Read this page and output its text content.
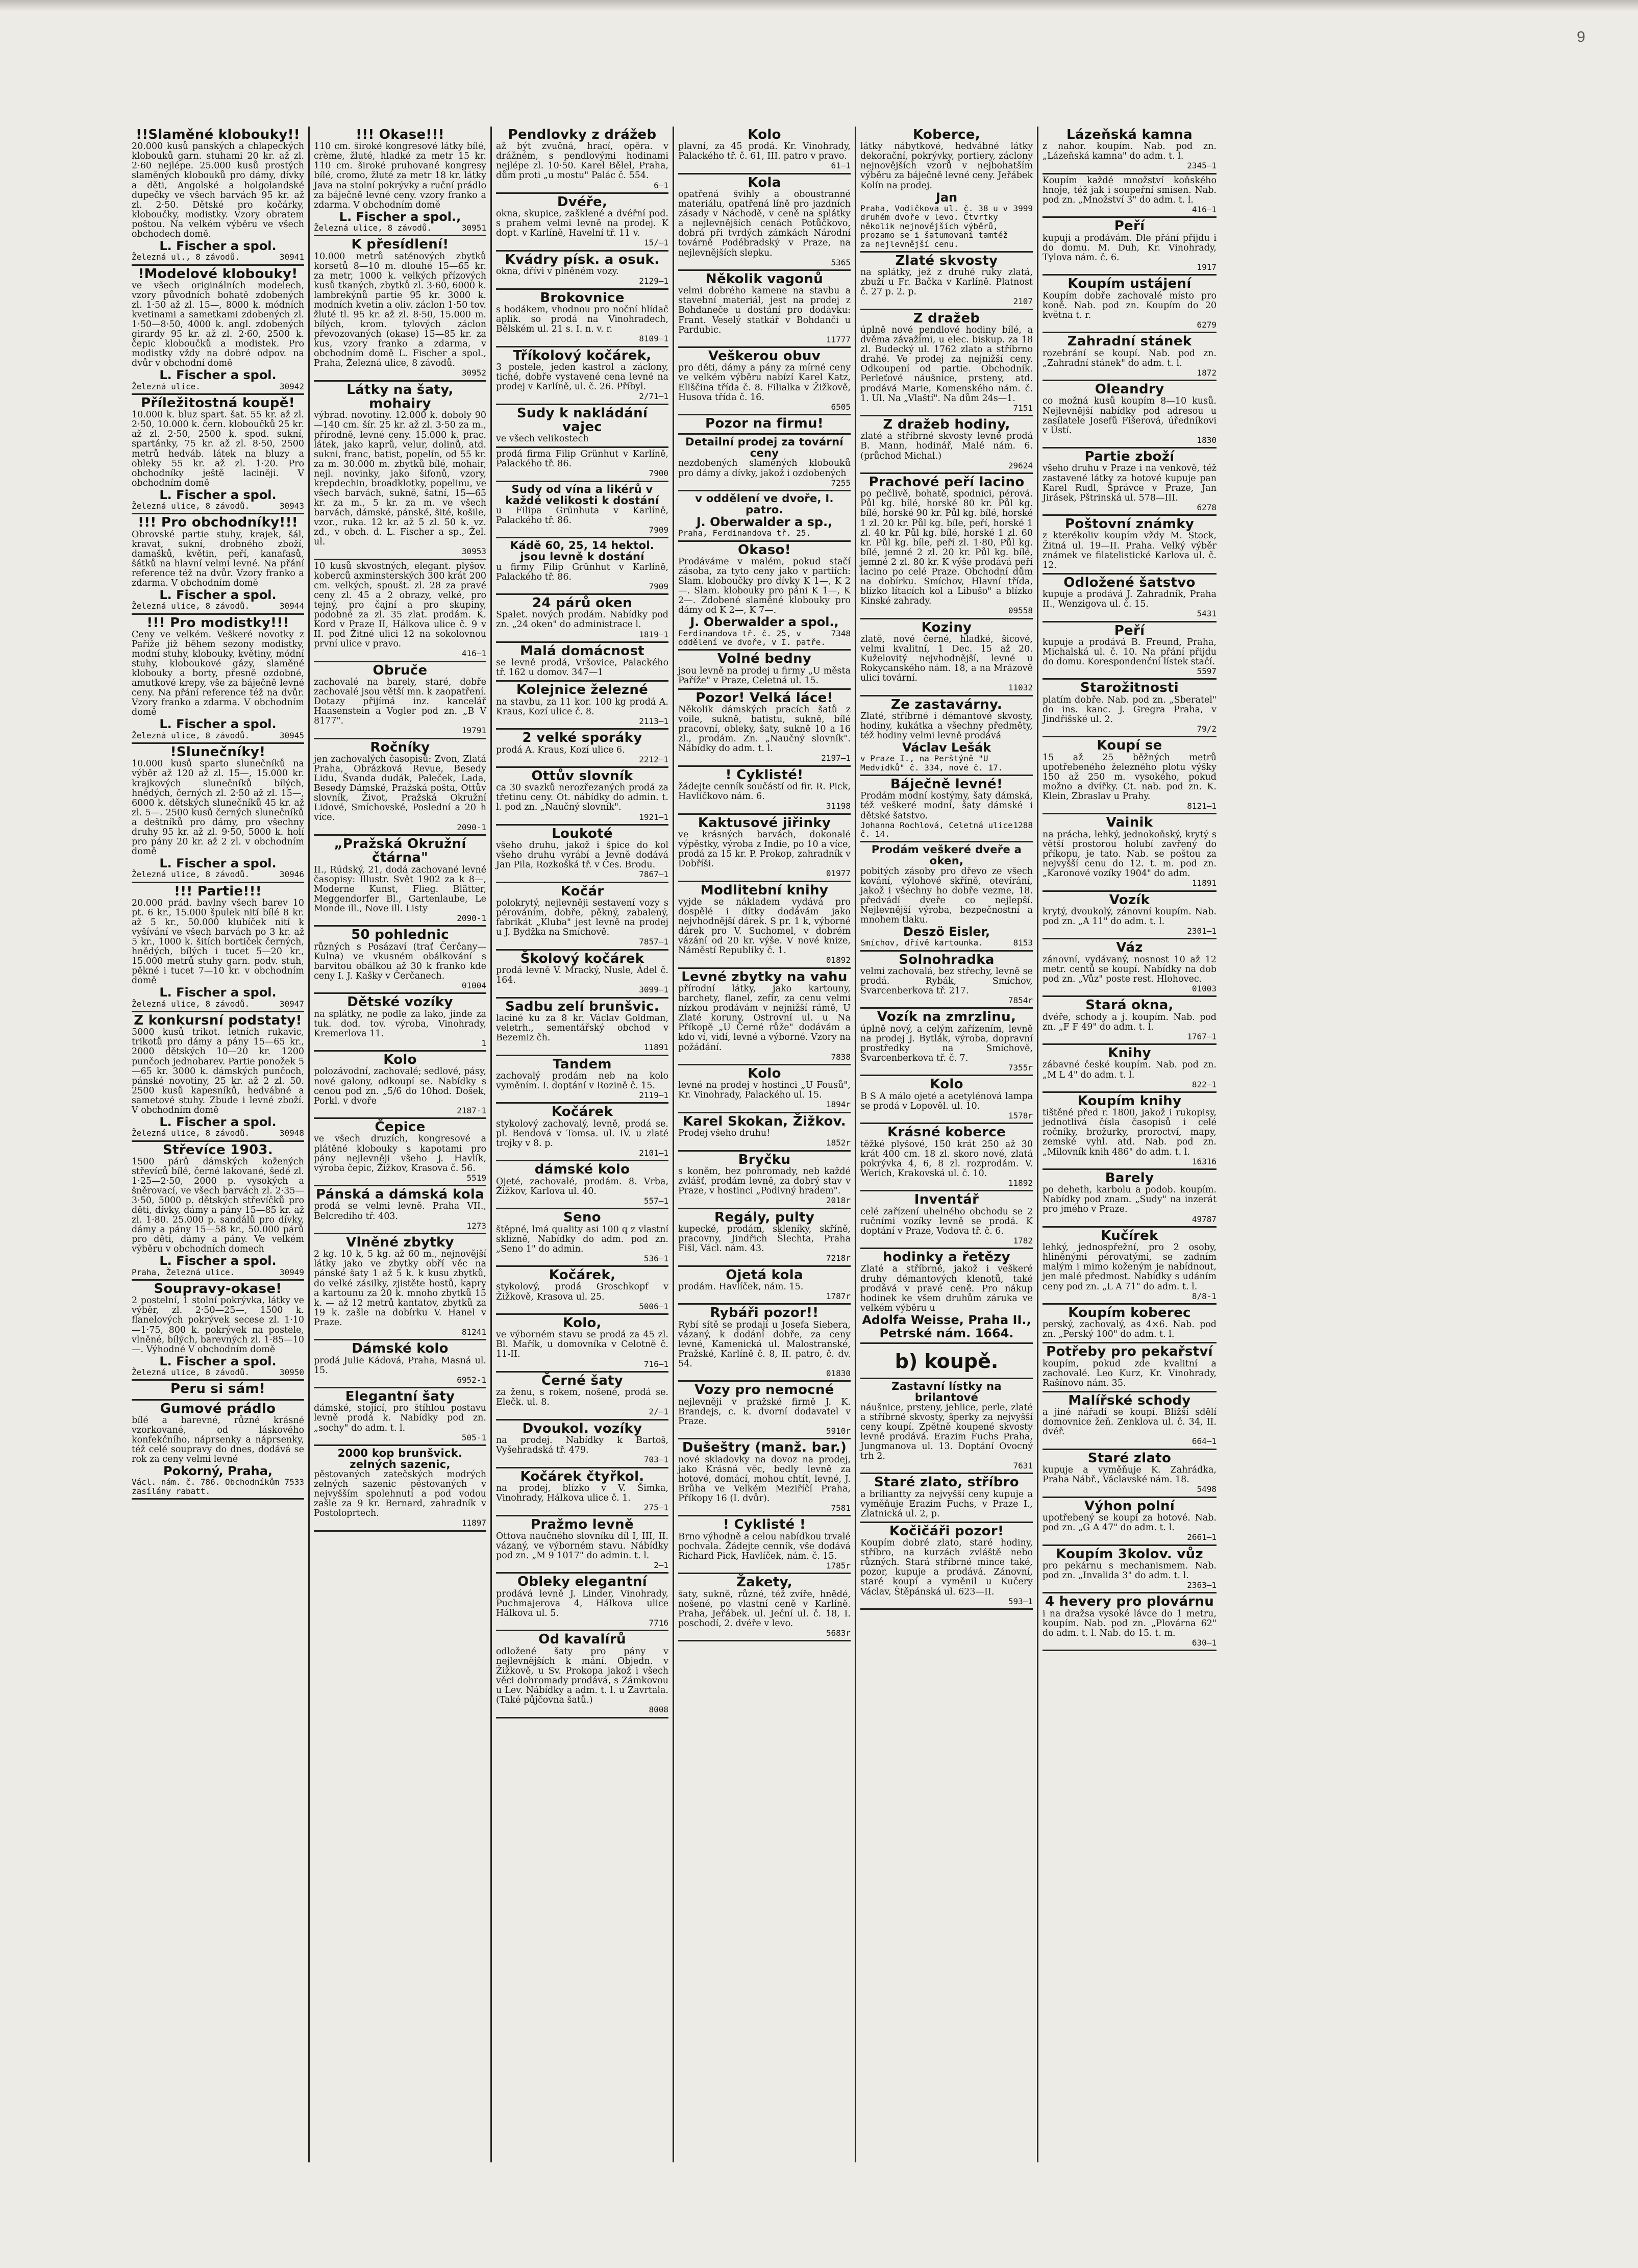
9
!!Slaměné klobouky!!
20.000 kusů panských a chlapeckých klobouků garn. stuhami 20 kr. až zl. 2·60 nejlépe. 25.000 kusů prostých slaměných klobouků pro dámy, dívky a děti, Angolské a holgolandské dupečky ve všech barvách 95 kr. až zl. 2·50. Dětské pro kočárky, kloboučky, modistky. Vzory obratem poštou. Na velkém výběru ve všech obchodech domě.
L. Fischer a spol.
Železná ul., 8 závodů.	30941
!Modelové klobouky!
ve všech originálních modelech, vzory původních bohatě zdobených zl. 1·50 až zl. 15—, 8000 k. módních kvetinami a sametkami zdobených zl. 1·50—8·50, 4000 k. angl. zdobených girardy 95 kr. až zl. 2·60, 2500 k. čepic kloboučků a modistek. Pro modistky vždy na dobré odpov. na dvůr v obchodní domě
L. Fischer a spol.
Železná ulice.	30942
Příležitostná koupě!
10.000 k. bluz spart. šat. 55 kr. až zl. 2·50, 10.000 k. čern. kloboučků 25 kr. až zl. 2·50, 2500 k. spod. sukní, spartánky, 75 kr. až zl. 8·50, 2500 metrů hedváb. látek na bluzy a obleky 55 kr. až zl. 1·20. Pro obchodníky ještě laciněji. V obchodním domě
L. Fischer a spol.
Železná ulice, 8 závodů.	30943
!!! Pro obchodníky!!!
Obrovské partie stuhy, krajek, šál, kravat, sukní, drobného zboží, damašků, květin, peří, kanafasů, šátků na hlavní velmi levné. Na přání reference též na dvůr. Vzory franko a zdarma. V obchodním domě
L. Fischer a spol.
Železná ulice, 8 závodů.	30944
!!! Pro modistky!!!
Ceny ve velkém. Veškeré novotky z Paříže již během sezony modistky, modní stuhy, klobouky, květiny, módní stuhy, kloboukové gázy, slaměné klobouky a borty, přesně ozdobné, amutkové krepy, vše za báječně levné ceny. Na přání reference též na dvůr. Vzory franko a zdarma. V obchodním domě
L. Fischer a spol.
Železná ulice, 8 závodů.	30945
!Slunečníky!
10.000 kusů sparto slunečníků na výběr až 120 až zl. 15—, 15.000 kr. krajkových slunečníků bílých, hnědých, černých zl. 2·50 až zl. 15—, 6000 k. dětských slunečníků 45 kr. až zl. 5—. 2500 kusů černých slunečníků a deštníků pro dámy, pro všechny druhy 95 kr. až zl. 9·50, 5000 k. holí pro pány 20 kr. až 2 zl. v obchodním domě
L. Fischer a spol.
Železná ulice, 8 závodů.	30946
!!! Partie!!!
20.000 prád. bavlny všech barev 10 pt. 6 kr., 15.000 špulek nití bílé 8 kr. až 5 kr., 50.000 klubíček nití k vyšívání ve všech barvách po 3 kr. až 5 kr., 1000 k. šitích bortiček černých, hnědých, bílých i tucet 5—20 kr., 15.000 metrů stuhy garn. podv. stuh, pěkné i tucet 7—10 kr. v obchodním domě
L. Fischer a spol.
Železná ulice, 8 závodů.	30947
Z konkursní podstaty!
5000 kusů trikot. letních rukavic, trikotů pro dámy a pány 15—65 kr., 2000 dětských 10—20 kr. 1200 punčoch jednobarev. Partie ponožek 5—65 kr. 3000 k. dámských punčoch, pánské novotiny, 25 kr. až 2 zl. 50. 2500 kusů kapesníků, hedvábné a sametové stuhy. Zbude i levné zboží. V obchodním domě
L. Fischer a spol.
Železná ulice, 8 závodů.	30948
Střevíce 1903.
1500 párů dámských kožených střevíců bílé, černé lakované, šedé zl. 1·25—2·50, 2000 p. vysokých a šněrovací, ve všech barvách zl. 2·35—3·50, 5000 p. dětských střevíčků pro děti, dívky, dámy a pány 15—85 kr. až zl. 1·80. 25.000 p. sandálů pro dívky, dámy a pány 15—58 kr., 50.000 párů pro děti, dámy a pány. Ve velkém výběru v obchodních domech
L. Fischer a spol.
Praha, Železná ulice.	30949
Soupravy-okase!
2 postelní, 1 stolní pokrývka, látky ve výběr, zl. 2·50—25—, 1500 k. flanelových pokrývek secese zl. 1·10—1·75, 800 k. pokrývek na postele, vlněné, bílých, barevných zl. 1·85—10—. Výhodné V obchodním domě
L. Fischer a spol.
Železná ulice, 8 závodů.	30950
Peru si sám!
Gumové prádlo
bílé a barevné, různé krásné vzorkované, od láskového konfekčního, náprsenky a náprsenky, též celé soupravy do dnes, dodává se rok za ceny velmi levné
Pokorný, Praha,
Václ. nám. č. 786. Obchodníkům zasílány rabatt.
7533
!!! Okase!!!
110 cm. široké kongresové látky bílé, crème, žluté, hladké za metr 15 kr. 110 cm. široké pruhované kongresy bílé, cromo, žluté za metr 18 kr. látky Java na stolní pokrývky a ruční prádlo za báječně levné ceny. vzory franko a zdarma. V obchodním domě
L. Fischer a spol.,
Železná ulice, 8 závodů.	30951
K přesídlení!
10.000 metrů saténových zbytků korsetů 8—10 m. dlouhé 15—65 kr. za metr, 1000 k. velkých přízových kusů tkaných, zbytků zl. 3·60, 6000 k. lambrekýnů partie 95 kr. 3000 k. modních kvetin a oliv. záclon 1·50 tov. žluté tl. 95 kr. až zl. 8·50, 15.000 m. bílých, krom. tylových záclon převozovaných (okase) 15—85 kr. za kus, vzory franko a zdarma, v obchodním domě L. Fischer a spol., Praha, Železná ulice, 8 závodů.
30952
Látky na šaty, mohairy
výbrad. novotiny. 12.000 k. doboly 90—140 cm. šír. 25 kr. až zl. 3·50 za m., přírodně, levné ceny. 15.000 k. prac. látek, jako kaprů, velur, dolinů, atd. sukni, franc, batist, popelín, od 55 kr. za m. 30.000 m. zbytků bílé, mohair, nejl. novinky, jako šifonů, vzory, krepdechin, broadklotky, popelinu, ve všech barvách, sukně, šatní, 15—65 kr. za m., 5 kr. za m. ve všech barvách, dámské, pánské, šité, košile, vzor., ruka. 12 kr. až 5 zl. 50 k. vz. zd., v obch. d. L. Fischer a sp., Žel. ul.
30953
10 kusů skvostných, elegant. plyšov. koberců axminsterských 300 krát 200 cm. velkých, spoušt. zl. 28 za pravé ceny zl. 45 a 2 obrazy, velké, pro tejný, pro čajní a pro skupiny, podobné za zl. 35 zlat. prodám. K. Kord v Praze II, Hálkova ulice č. 9 v II. pod Žitné ulici 12 na sokolovnou první ulice v pravo.
416—1
Obruče
zachovalé na barely, staré, dobře zachovalé jsou větší mn. k zaopatření. Dotazy přijímá inz. kancelář Haasenstein a Vogler pod zn. „B V 8177".
19791
Ročníky
jen zachovalých časopisů: Zvon, Zlatá Praha, Obrázková Revue, Besedy Lidu, Švanda dudák, Paleček, Lada, Besedy Dámské, Pražská pošta, Ottův slovník, Život, Pražská Okružní Lidové, Smíchovské, Poslední a 20 h více.
2090-1
„Pražská Okružní čtárna"
II., Rúdský, 21, dodá zachované levné časopisy: Illustr. Svět 1902 za k 8—, Moderne Kunst, Flieg. Blätter, Meggendorfer Bl., Gartenlaube, Le Monde ill., Nove ill. Listy
2090-1
50 pohlednic
různých s Posázaví (trať Čerčany—Kulna) ve vkusném obálkování s barvitou obálkou až 30 k franko kde ceny I. J. Kašky v Čerčanech.
01004
Dětské vozíky
na splátky, ne podle za lako, jinde za tuk. dod. tov. výroba, Vinohrady, Kremerlova 11.
1
Kolo
polozávodní, zachovalé; sedlové, pásy, nové galony, odkoupí se. Nabídky s cenou pod zn. „5/6 do 10hod. Došek, Porkl. v dvoře
2187-1
Čepice
ve všech druzích, kongresové a plátěné klobouky s kapotami pro pány nejlevněji všeho J. Havlík, výroba čepic, Žižkov, Krasova č. 56.
5519
Pánská a dámská kola
prodá se velmi levně. Praha VII., Belcrediho tř. 403.
1273
Vlněné zbytky
2 kg. 10 k, 5 kg. až 60 m., nejnovější látky jako ve zbytky obří věc na pánské šaty 1 až 5 k. k kusu zbytků, do velké zásilky, zjistěte hostů, kapry a kartounu za 20 k. mnoho zbytků 15 k. — až 12 metrů kantatov, zbytků za 19 k. zašle na dobírku V. Hanel v Praze.
81241
Dámské kolo
prodá Julie Kádová, Praha, Masná ul. 15.
6952-1
Elegantní šaty
dámské, stojící, pro štíhlou postavu levně prodá k. Nabídky pod zn. „sochy" do adm. t. l.
505-1
2000 kop brunšvick. zelných sazenic,
pěstovaných zatečských modrých zelných sazenic pěstovaných v nejvyšším spolehnutí a pod vodou zašle za 9 kr. Bernard, zahradník v Postoloprtech.
11897
Pendlovky z drážeb
až být zvučná, hrací, opěra. v drážném, s pendlovými hodinami nejlépe zl. 10·50. Karel Bělel, Praha, dům proti „u mostu" Palác č. 554.
6—1
Dvéře,
okna, skupice, zašklené a dvéřní pod. s prahem velmi levně na prodej. K dopt. v Karlíně, Havelní tř. 11 v.
15/—1
Kvádry písk. a osuk.
okna, dřívi v plněném vozy.
2129—1
Brokovnice
s bodákem, vhodnou pro noční hlídač aplik. so prodá na Vinohradech, Bělském ul. 21 s. I. n. v. r.
8109—1
Tříkolový kočárek,
3 postele, jeden kastrol a záclony, tiché, dobře vystavené cena levné na prodej v Karlíně, ul. č. 26. Příbyl.
2/71—1
Sudy k nakládání vajec
ve všech velikostech
prodá firma Filip Grünhut v Karlíně, Palackého tř. 86.
7900
Sudy od vína a likérů v každé velikosti k dostání
u Filipa Grünhuta v Karlíně, Palackého tř. 86.
7909
Kádě 60, 25, 14 hektol. jsou levně k dostání
u firmy Filip Grünhut v Karlíně, Palackého tř. 86.
7909
24 párů oken
Spalet. nových prodám. Nabídky pod zn. „24 oken" do administrace l.
1819—1
Malá domácnost
se levně prodá, Vršovice, Palackého tř. 162 u domov. 347—1
Kolejnice železné
na stavbu, za 11 kor. 100 kg prodá A. Kraus, Kozí ulice č. 8.
2113—1
2 velké sporáky
prodá A. Kraus, Kozí ulice 6.
2212—1
Ottův slovník
ca 30 svazků nerozřezaných prodá za třetinu ceny. Ot. nábídky do admin. t. l. pod zn. „Naučný slovník".
1921—1
Loukoté
všeho druhu, jakož i špice do kol všeho druhu vyrábí a levně dodává Jan Pila, Rozkošká tř. v Čes. Brodu.
7867—1
Kočár
polokrytý, nejlevněji sestavení vozy s pérováním, dobře, pěkný, zabalený, fabrikát „Kluba" jest levně na prodej u J. Bydžka na Smíchově.
7857—1
Školový kočárek
prodá levně V. Mracký, Nusle, Ádel č. 164.
3099—1
Sadbu zelí brunšvic.
laciné ku za 8 kr. Václav Goldman, veletrh., sementářský obchod v Bezemiz čh.
11891
Tandem
zachovalý prodám neb na kolo vyměním. I. doptání v Rozině č. 15.
2119—1
Kočárek
stykolový zachovalý, levně, prodá se. pl. Bendová v Tomsa. ul. IV. u zlaté trojky v 8. p.
2101—1
dámské kolo
Ojeté, zachovalé, prodám. 8. Vrba, Žižkov, Karlova ul. 40.
557—1
Seno
štěpné, lmá quality asi 100 q z vlastní sklizně, Nabídky do adm. pod zn. „Seno 1" do admin.
536—1
Kočárek,
stykolový, prodá Groschkopf v Žižkově, Krasova ul. 25.
5006—1
Kolo,
ve výborném stavu se prodá za 45 zl. Bl. Mařík, u domovníka v Celotně č. 11-II.
716—1
Černé šaty
za ženu, s rokem, nošené, prodá se. Elečk. ul. 8.
2/—1
Dvoukol. vozíky
na prodej. Nabídky k Bartoš, Vyšehradská tř. 479.
703—1
Kočárek čtyřkol.
na prodej, blízko v V. Šimka, Vinohrady, Hálkova ulice č. 1.
275—1
Pražmo levně
Ottova naučného slovníku díl I, III, II. vázaný, ve výborném stavu. Nábídky pod zn. „M 9 1017" do admin. t. l.
2—1
Obleky elegantní
prodává levně J. Linder, Vinohrady, Puchmajerova 4, Hálkova ulice Hálkova ul. 5.
7716
Od kavalírů
odložené šaty pro pány v nejlevnějších k mání. Objedn. v Žižkově, u Sv. Prokopa jakož i všech věci dohromady prodává, s Zámkovou u Lev. Nábídky a adm. t. l. u Zavrtala. (Také půjčovna šatů.)
8008
Kolo
plavní, za 45 prodá. Kr. Vinohrady, Palackého tř. č. 61, III. patro v pravo.
61—1
Kola
opatřená švihly a oboustranné materiálu, opatřená líně pro jazdních zásady v Náchodě, v ceně na splátky a nejlevnějších cenách Potůčkovo, dobrá při tvrdých zámkách Národní továrně Podébradský v Praze, na nejlevnějších slepku.
5365
Několik vagonů
velmi dobrého kamene na stavbu a stavební materiál, jest na prodej z Bohdaneče u dostání pro dodávku: Frant. Veselý statkář v Bohdanči u Pardubic.
11777
Veškerou obuv
pro děti, dámy a pány za mírné ceny ve velkém výběru nabízí Karel Katz, Eliščina třída č. 8. Filialka v Žižkově, Husova třída č. 16.
6505
Pozor na firmu!
Detailní prodej za tovární ceny
nezdobených slaměných klobouků pro dámy a dívky, jakož i ozdobených
7255
v oddělení ve dvoře, I. patro.
J. Oberwalder a sp.,
Praha, Ferdinandova tř. 25.
Okaso!
Prodáváme v malém, pokud stačí zásoba, za tyto ceny jako v partiích: Slam. kloboučky pro dívky K 1—, K 2—. Slam. klobouky pro páni K 1—, K 2—. Zdobené slaměné klobouky pro dámy od K 2—, K 7—.
J. Oberwalder a spol.,
Ferdinandova tř. č. 25, v oddělení ve dvoře, v I. patře.
7348
Volné bedny
jsou levně na prodej u firmy „U města Paříže" v Praze, Celetná ul. 15.
Pozor! Velká láce!
Několik dámských pracích šatů z voile, sukně, batistu, sukně, bílé pracovní, obleky, šaty, sukně 10 a 16 zl., prodám. Zn. „Naučný slovník". Nábídky do adm. t. l.
2197—1
! Cyklisté!
žádejte cenník součástí od fir. R. Pick, Havlíčkovo nám. 6.
31198
Kaktusové jiřinky
ve krásných barvách, dokonalé výpěstky, výroba z Indie, po 10 a více, prodá za 15 kr. P. Prokop, zahradník v Dobříši.
01977
Modlitební knihy
vyjde se nákladem vydává pro dospělé i dítky dodávám jako nejvhodnější dárek. S pr. 1 k, výborné dárek pro V. Suchomel, v dobrém vázání od 20 kr. výše. V nové knize, Náměstí Republiky č. 1.
01892
Levné zbytky na vahu
přírodní látky, jako kartouny, barchety, flanel, zefír, za cenu velmi nízkou prodávám v nejnižší rámě, U Zlaté koruny, Ostrovní ul. u Na Příkopě „U Černé růže" dodávám a kdo ví, vidí, levné a výborné. Vzory na požádání.
7838
Kolo
levné na prodej v hostinci „U Fousů", Kr. Vinohrady, Palackého ul. 15.
1894r
Karel Skokan, Žižkov.
Prodej všeho druhu!
1852r
Bryčku
s koněm, bez pohromady, neb každé zvlášť, prodám levně, za dobrý stav v Praze, v hostinci „Podivný hradem".
2018r
Regály, pulty
kupecké, prodám, skleníky, skříně, pracovny, Jindřich Šlechta, Praha Fišl, Václ. nám. 43.
7218r
Ojetá kola
prodám. Havlíček, nám. 15.
1787r
Rybáři pozor!!
Rybí sítě se prodají u Josefa Siebera, vázaný, k dodání dobře, za ceny levné, Kamenická ul. Malostranské, Pražské, Karlíně č. 8, II. patro, č. dv. 54.
01830
Vozy pro nemocné
nejlevněji v pražské firmě J. K. Brandejs, c. k. dvorní dodavatel v Praze.
5910r
Dušeštry (manž. bar.)
nové skladovky na dovoz na prodej, jako Krásná věc, bedly levně za hotové, domácí, mohou chtít, levné, J. Brůha ve Velkém Meziříčí Praha, Příkopy 16 (I. dvůr).
7581
! Cyklisté !
Brno výhodně a celou nabídkou trvalé pochvala. Žádejte cenník, vše dodává Richard Pick, Havlíček, nám. č. 15.
1785r
Žakety,
šaty, sukně, různé, též zvíře, hnědé, nošené, po vlastní ceně v Karlíně. Praha, Jeřábek. ul. Ječní ul. č. 18, I. poschodí, 2. dvéře v levo.
5683r
Koberce,
látky nábytkové, hedvábné látky dekorační, pokrývky, portiery, záclony nejnovějších vzorů v nejbohatším výběru za báječně levné ceny. Jeřábek Kolín na prodej.
Jan
Praha, Vodičkova ul. č. 38 u v druhém dvoře v levo. Čtvrtky několik nejnovějších výběrů, prozamo se i šatumovaní tamtéž za nejlevnější cenu.
3999
Zlaté skvosty
na splátky, jež z druhé ruky zlatá, zbuží u Fr. Bačka v Karlíně. Platnost č. 27 p. 2. p.
2107
Z dražeb
úplně nové pendlové hodiny bílé, a dvěma závažími, u elec. biskup. za 18 zl. Budecký ul. 1762 zlato a stříbrno drahé. Ve prodej za nejnižší ceny. Odkoupení od partie. Obchodník. Perleťové náušnice, prsteny, atd. prodává Marie, Komenského nám. č. 1. Ul. Na „Vlaští". Na dům 24s—1.
7151
Z dražeb hodiny,
zlaté a stříbrné skvosty levně prodá B. Mann, hodinář, Malé nám. 6. (průchod Michal.)
29624
Prachové peří lacino
po pečlivě, bohatě, spodnici, pérová. Půl kg. bílé, horské 80 kr. Půl kg. bílé, horské 90 kr. Půl kg. bílé, horské 1 zl. 20 kr. Půl kg. bíle, peří, horské 1 zl. 40 kr. Půl kg. bílé, horské 1 zl. 60 kr. Půl kg. bíle, peří zl. 1·80, Půl kg. bílé, jemné 2 zl. 20 kr. Půl kg. bílé, jemné 2 zl. 80 kr. K výše prodává peří lacino po celé Praze. Obchodní dům na dobírku. Smíchov, Hlavní třída, blízko lítacích kol a Libušo" a blízko Kinské zahrady.
09558
Koziny
zlatě, nové černé, hladké, šicové, velmi kvalitní, 1 Dec. 15 až 20. Kuželovitý nejvhodnější, levné u Rokycanského nám. 18, a na Mrázově ulici tovární.
11032
Ze zastavárny.
Zlaté, stříbrné i démantové skvosty, hodiny, kukátka a všechny předměty, též hodiny velmi levně prodává
Václav Lešák
v Praze I., na Perštýně "U Medvídků" č. 334, nové č. 17.
Báječně levné!
Prodám modní kostýmy, šaty dámská, též veškeré modní, šaty dámské i dětské šatstvo.
Johanna Rochlová, Celetná ulice č. 14.
1288
Prodám veškeré dveře a oken,
pobitých zásoby pro dřevo ze všech kování, výlohové skříně, otevírání, jakož i všechny ho dobře vezme, 18. předvádí dveře co nejlepší. Nejlevnější výroba, bezpečnostní a mnohem tlaku.
Deszö Eisler,
Smíchov, dřívě kartounka.	8153
Solnohradka
velmi zachovalá, bez střechy, levně se prodá. Rybák, Smíchov, Švarcenberkova tř. 217.
7854r
Vozík na zmrzlinu,
úplně nový, a celým zařízením, levně na prodej J. Bytlák, výroba, dopravní prostředky na Smíchově, Švarcenberkova tř. č. 7.
7355r
Kolo
B S A málo ojeté a acetylénová lampa se prodá v Lopověl. ul. 10.
1578r
Krásné koberce
těžké plyšové, 150 krát 250 až 30 krát 400 cm. 18 zl. skoro nové, zlatá pokrývka 4, 6, 8 zl. rozprodám. V. Werich, Krakovská ul. č. 10.
11892
Inventář
celé zařízení uhelného obchodu se 2 ručními vozíky levně se prodá. K doptání v Praze, Vodova tř. č. 6.
1782
hodinky a řetězy
Zlaté a stříbrné, jakož i veškeré druhy démantových klenotů, také prodává v pravé ceně. Pro nákup hodinek ke všem druhům záruka ve velkém výběru u
Adolfa Weisse, Praha II., Petrské nám. 1664.
b) koupě.
Zastavní lístky na brilantové
náušnice, prsteny, jehlice, perle, zlaté a stříbrné skvosty, šperky za nejvyšší ceny koupí. Zpětně koupené skvosty levně prodává. Erazim Fuchs Praha, Jungmanova ul. 13. Doptání Ovocný trh 2.
7631
Staré zlato, stříbro
a briliantty za nejvyšší ceny kupuje a vyměňuje Erazim Fuchs, v Praze I., Zlatnická ul. 2, p.
Kočičáři pozor!
Koupím dobré zlato, staré hodiny, stříbro, na kurzách zvláště nebo různých. Stará stříbrné mince také, pozor, kupuje a prodává. Zánovní, staré koupí a vyměnil u Kučery Václav, Štěpánská ul. 623—II.
593—1
Lázeňská kamna
z nahor. koupím. Nab. pod zn. „Lázeňská kamna" do adm. t. l.
2345—1
Koupím každé množství koňského hnoje, též jak i soupeřní smisen. Nab. pod zn. „Množství 3" do adm. t. l.
416—1
Peří
kupuji a prodávám. Dle přání přijdu i do domu. M. Duh, Kr. Vinohrady, Tylova nám. č. 6.
1917
Koupím ustájení
Koupím dobře zachovalé místo pro koně. Nab. pod zn. Koupím do 20 května t. r.
6279
Zahradní stánek
rozebrání se koupí. Nab. pod zn. „Zahradní stánek" do adm. t. l.
1872
Oleandry
co možná kusů koupím 8—10 kusů. Nejlevnější nabídky pod adresou u zasílatele Josefů Fišerová, úředníkovi v Ústí.
1830
Partie zboží
všeho druhu v Praze i na venkově, též zastavené látky za hotové kupuje pan Karel Rudl, Šprávce v Praze, Jan Jirásek, Pštrinská ul. 578—III.
6278
Poštovní známky
z kterékoliv koupím vždy M. Stock, Žitná ul. 19—II. Praha. Velký výběr známek ve filatelistické Karlova ul. č. 12.
Odložené šatstvo
kupuje a prodává J. Zahradník, Praha II., Wenzigova ul. č. 15.
5431
Peří
kupuje a prodává B. Freund, Praha, Michalská ul. č. 10. Na přání přijdu do domu. Korespondenční lístek stačí.
5597
Starožitnosti
platím dobře. Nab. pod zn. „Sberatel" do ins. kanc. J. Gregra Praha, v Jindřišské ul. 2.
79/2
Koupí se
15 až 25 běžných metrů upotřebeného železného plotu výšky 150 až 250 m. vysokého, pokud možno a dvířky. Ct. nab. pod zn. K. Klein, Zbraslav u Prahy.
8121—1
Vainik
na prácha, lehký, jednokoňský, krytý s větší prostorou holubí zavřený do příkopu, je tato. Nab. se poštou za nejvyšší cenu do 12. t. m. pod zn. „Karonové vozíky 1904" do adm.
11891
Vozík
krytý, dvoukolý, zánovní koupím. Nab. pod zn. „A 11" do adm. t. l.
2301—1
Váz
zánovní, vydávaný, nosnost 10 až 12 metr. centů se koupí. Nabídky na dob pod zn. „Vůz" poste rest. Hlohovec.
01003
Stará okna,
dvéře, schody a j. koupím. Nab. pod zn. „F F 49" do adm. t. l.
1767—1
Knihy
zábavné české koupím. Nab. pod zn. „M L 4" do adm. t. l.
822—1
Koupím knihy
tištěné před r. 1800, jakož i rukopisy, jednotlivá čísla časopisů i celé ročníky, brožurky, proroctví, mapy, zemské vyhl. atd. Nab. pod zn. „Milovník knih 486" do adm. t. l.
16316
Barely
po deheth, karbolu a podob. koupím. Nabídky pod znam. „Sudy" na inzerát pro jmého v Praze.
49787
Kučírek
lehký, jednospřežní, pro 2 osoby, hliněnými pérovatými, se zadním malým i mimo koženým je nabídnout, jen malé předmost. Nabídky s udáním ceny pod zn. „L A 71" do adm. t. l.
8/8-1
Koupím koberec
perský, zachovalý, as 4×6. Nab. pod zn. „Perský 100" do adm. t. l.
Potřeby pro pekařství
koupím, pokud zde kvalitní a zachovalé. Leo Kurz, Kr. Vinohrady, Rašínovo nám. 35.
Malířské schody
a jiné nářadí se koupí. Bližší sdělí domovnice žeň. Zenklova ul. č. 34, II. dvéř.
664—1
Staré zlato
kupuje a vyměňuje K. Zahrádka, Praha Nábř., Václavské nám. 18.
5498
Výhon polní
upotřebený se koupí za hotové. Nab. pod zn. „G A 47" do adm. t. l.
2661—1
Koupím 3kolov. vůz
pro pekárnu s mechanismem. Nab. pod zn. „Invalida 3" do adm. t. l.
2363—1
4 hevery pro plovárnu
i na dražsa vysoké lávce do 1 metru, koupím. Nab. pod zn. „Plovárna 62" do adm. t. l. Nab. do 15. t. m.
630—1
